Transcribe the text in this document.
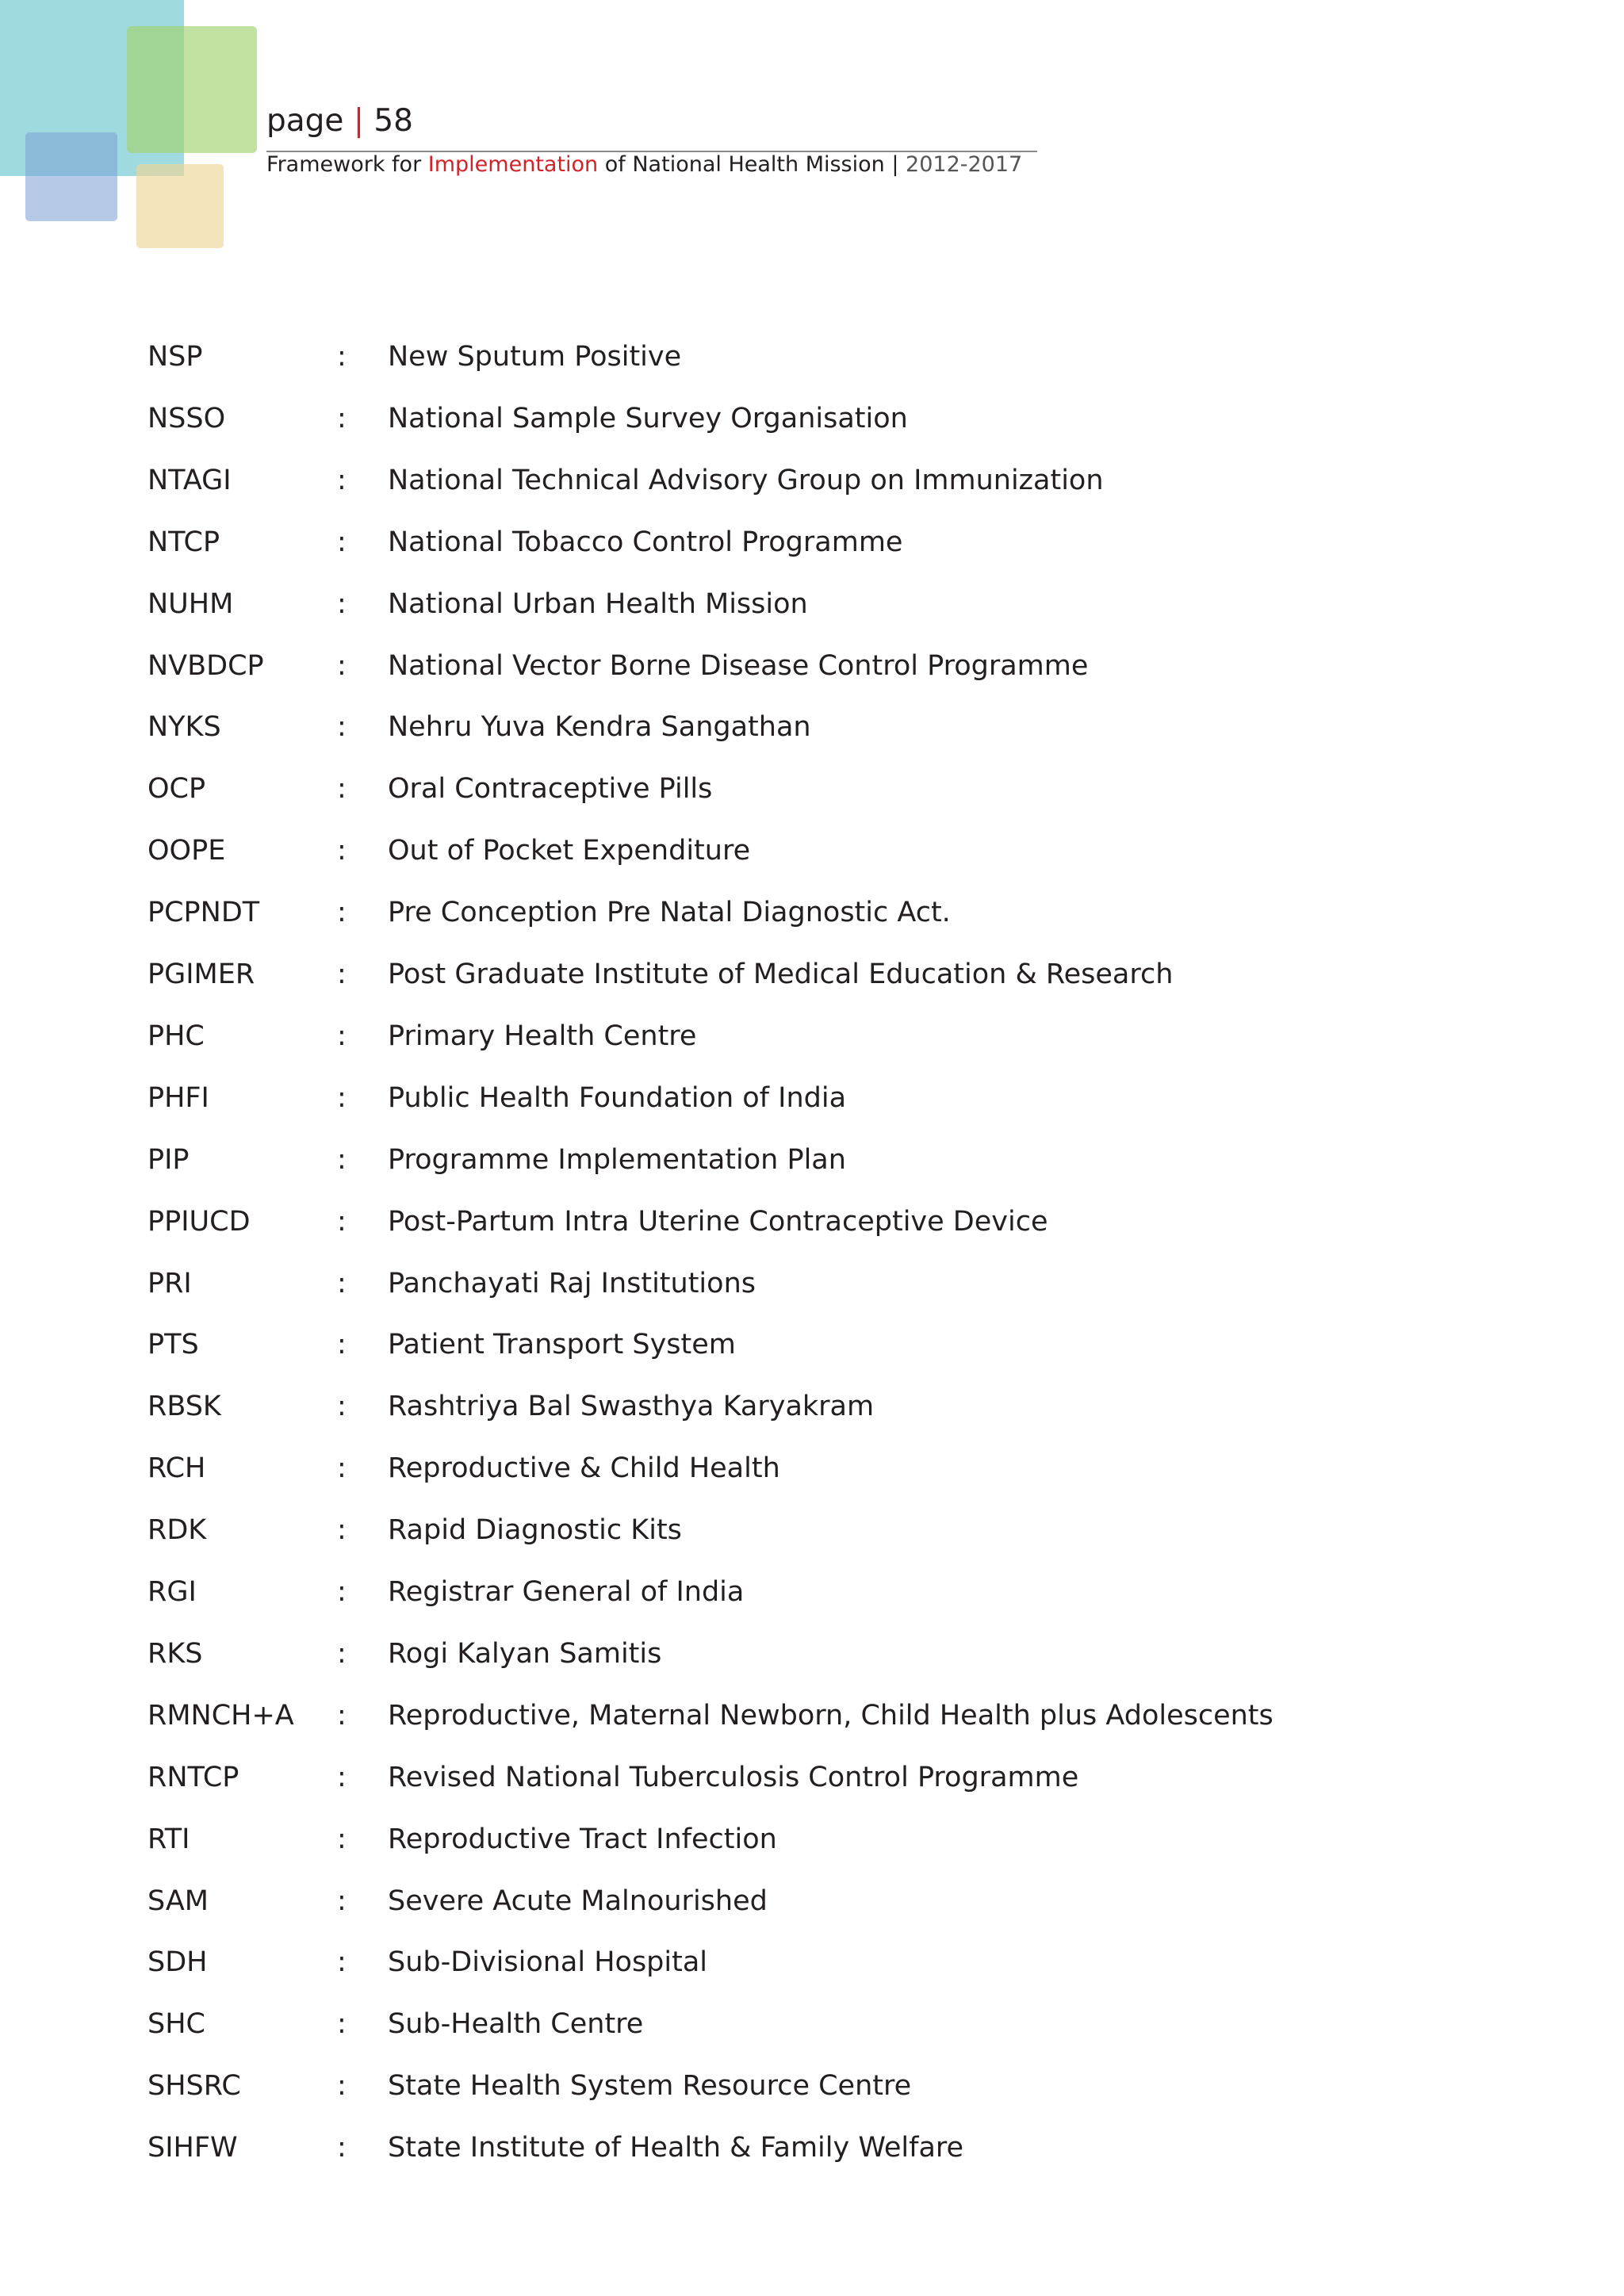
page | 58
Framework for Implementation of National Health Mission | 2012-2017
NSP	: New Sputum Positive
NSSO	: National Sample Survey Organisation
NTAGI	: National Technical Advisory Group on Immunization
NTCP	: National Tobacco Control Programme
NUHM	: National Urban Health Mission
NVBDCP	: National Vector Borne Disease Control Programme
NYKS	: Nehru Yuva Kendra Sangathan
OCP	: Oral Contraceptive Pills
OOPE	: Out of Pocket Expenditure
PCPNDT	: Pre Conception Pre Natal Diagnostic Act.
PGIMER	: Post Graduate Institute of Medical Education & Research
PHC	: Primary Health Centre
PHFI	: Public Health Foundation of India
PIP	: Programme Implementation Plan
PPIUCD	: Post-Partum Intra Uterine Contraceptive Device
PRI	: Panchayati Raj Institutions
PTS	: Patient Transport System
RBSK	: Rashtriya Bal Swasthya Karyakram
RCH	: Reproductive & Child Health
RDK	: Rapid Diagnostic Kits
RGI	: Registrar General of India
RKS	: Rogi Kalyan Samitis
RMNCH+A : Reproductive, Maternal Newborn, Child Health plus Adolescents
RNTCP	: Revised National Tuberculosis Control Programme
RTI	: Reproductive Tract Infection
SAM	: Severe Acute Malnourished
SDH	: Sub-Divisional Hospital
SHC	: Sub-Health Centre
SHSRC	: State Health System Resource Centre
SIHFW	: State Institute of Health & Family Welfare
